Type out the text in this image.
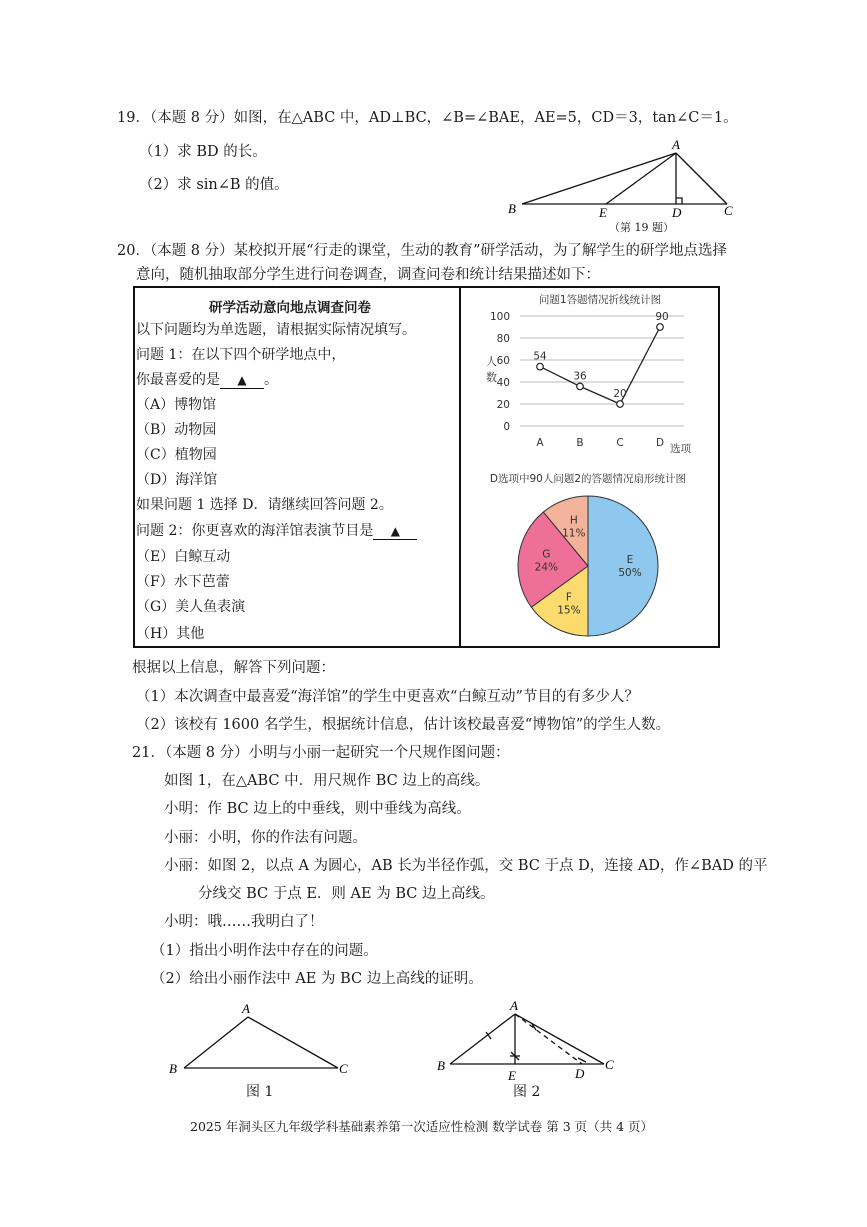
19．（本题 8 分）如图，在△ABC 中，AD⊥BC，∠B=∠BAE，AE=5，CD＝3，tan∠C＝1。
（1）求 BD 的长。
（2）求 sin∠B 的值。
A
B	C
D
E
（第 19 题）
20．（本题 8 分）某校拟开展“行走的课堂，生动的教育”研学活动，为了解学生的研学地点选择
意向，随机抽取部分学生进行问卷调查，调查问卷和统计结果描述如下：
研学活动意向地点调查问卷
以下问题均为单选题，请根据实际情况填写。
问题 1：在以下四个研学地点中，
你最喜爱的是 ▲ 。
（A）博物馆
（B）动物园
（C）植物园
（D）海洋馆
如果问题 1 选择 D．请继续回答问题 2。
问题 2：你更喜欢的海洋馆表演节目是 ▲
（E）白鲸互动
（F）水下芭蕾
（G）美人鱼表演
（H）其他
问题1答题情况折线统计图
0
20
40
60
80
100
A	B	C	D
人
数
选项
54
36
20
90
D选项中90人问题2的答题情况扇形统计图
E
50%
F
15%
G
24%
H
11%
根据以上信息，解答下列问题：
（1）本次调查中最喜爱“海洋馆”的学生中更喜欢“白鲸互动”节目的有多少人？
（2）该校有 1600 名学生，根据统计信息，估计该校最喜爱“博物馆”的学生人数。
21．（本题 8 分）小明与小丽一起研究一个尺规作图问题：
如图 1，在△ABC 中．用尺规作 BC 边上的高线。
小明：作 BC 边上的中垂线，则中垂线为高线。
小丽：小明，你的作法有问题。
小丽：如图 2，以点 A 为圆心，AB 长为半径作弧，交 BC 于点 D，连接 AD，作∠BAD 的平
分线交 BC 于点 E．则 AE 为 BC 边上高线。
小明：哦……我明白了！
（1）指出小明作法中存在的问题。
（2）给出小丽作法中 AE 为 BC 边上高线的证明。
A
B	C
图 1
A
B	C
D
E
图 2
2025 年洞头区九年级学科基础素养第一次适应性检测 数学试卷 第 3 页（共 4 页）
